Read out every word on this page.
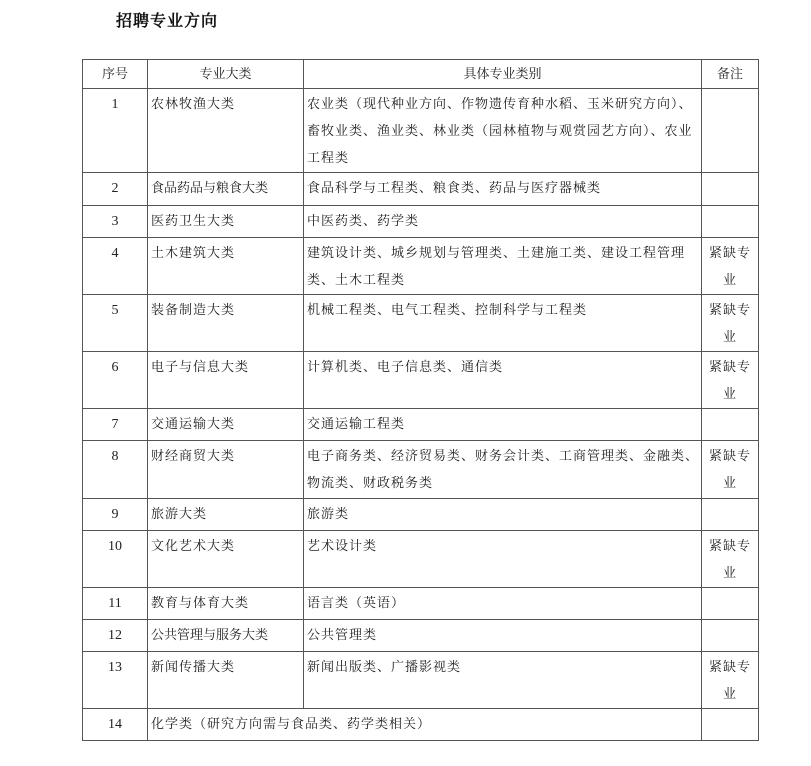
招聘专业方向
序号	专业大类	具体专业类别	备注
1	农林牧渔大类	农业类（现代种业方向、作物遗传育种水稻、玉米研究方向）、畜牧业类、渔业类、林业类（园林植物与观赏园艺方向）、农业工程类	
2	食品药品与粮食大类	食品科学与工程类、粮食类、药品与医疗器械类	
3	医药卫生大类	中医药类、药学类	
4	土木建筑大类	建筑设计类、城乡规划与管理类、土建施工类、建设工程管理类、土木工程类	紧缺专业
5	装备制造大类	机械工程类、电气工程类、控制科学与工程类	紧缺专业
6	电子与信息大类	计算机类、电子信息类、通信类	紧缺专业
7	交通运输大类	交通运输工程类	
8	财经商贸大类	电子商务类、经济贸易类、财务会计类、工商管理类、金融类、物流类、财政税务类	紧缺专业
9	旅游大类	旅游类	
10	文化艺术大类	艺术设计类	紧缺专业
11	教育与体育大类	语言类（英语）	
12	公共管理与服务大类	公共管理类	
13	新闻传播大类	新闻出版类、广播影视类	紧缺专业
14	化学类（研究方向需与食品类、药学类相关）		
